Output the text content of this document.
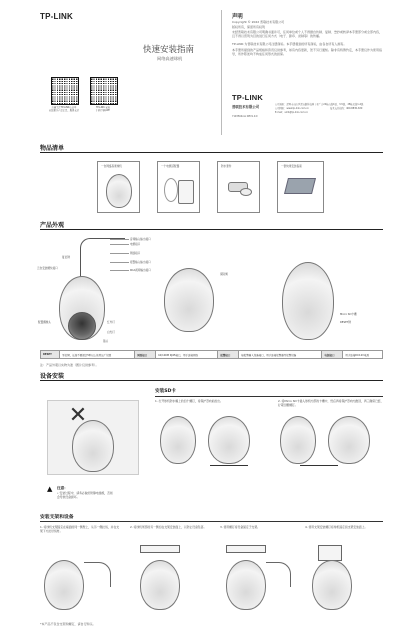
TP-LINK
快速安装指南
网络高速球机
扫描关注TP-LINK公众号
获取更多产品信息、服务支持
TP-LINK 安防
扫码下载APP
声明
Copyright © 2022 普联技术有限公司
版权所有，保留所有权利
未经普联技术有限公司明确书面许可，任何单位或个人不得擅自仿制、复制、誊抄或转译本手册部分或全部内容，且不得以营利为目的进行任何方式（电子、影印、录制等）的传播。
TP-LINK 为普联技术有限公司注册商标。本手册提到的所有商标，由各自所有人拥有。
本手册所提到的产品规格和资讯仅供参考，如有内容更新，恕不另行通知。除非有特殊约定，本手册仅作为使用指导，所作陈述均不构成任何形式的担保。
TP-LINK
普联技术有限公司
公司地址：深圳市南山区深南路科技园工业厂房24栋南段1层、3-5层、28栋北段1-4层
公司网址：www.tp-link.com.cn	技术支持热线：400-8830-630
E-mail：smb@tp-link.com.cn
7103504xxx REV1.0.0
物品清单
一台网络高速球机	一个电源适配器	防水套件	一套快速安装指南
产品外观
音频输入输出接口
电源接口
网络接口
报警输入输出接口
RCA视频输出接口
复位键
云台安装螺纹接口
配置摄像头	红外灯
白光灯
镜头
保险绳
Micro SD卡槽
RESET键
RESET	复位键，长按不要超过5秒以上恢复出厂设置	网络接口	10/100M RJ45接口，用于连接网络	报警接口	接报警输入设备接口，用于连接报警器等报警设备	电源接口	用于连接DC12V电源
注：产品外观以实物为准（图片仅供参考）。
设备安装
安装SD卡
✕
1. 拧开球机防水帽上的四个螺钉，将保护罩向前拉出。	2. 将Micro SD卡插入球机内部的卡槽中，然后再将保护罩向内推回，再三确保已经，拧紧四颗螺钉。
▲ 注意：
• 安装过程中，请务必做好防静电措施，否则会导致设备损坏。
安装支架和设备
1. 将球机支架固定在墙面的同一侧壁上，从另一侧拉线，并在支架下方拉好线材。
2. 将球机尾部的另一侧扣在支架安装面上，以防止设备坠落。	3. 使用螺钉将设备固定于支架。	4. 使用支架安装螺钉将球机固定到支架安装面上。
*本产品不包含支架和螺钉，请自行购买。
